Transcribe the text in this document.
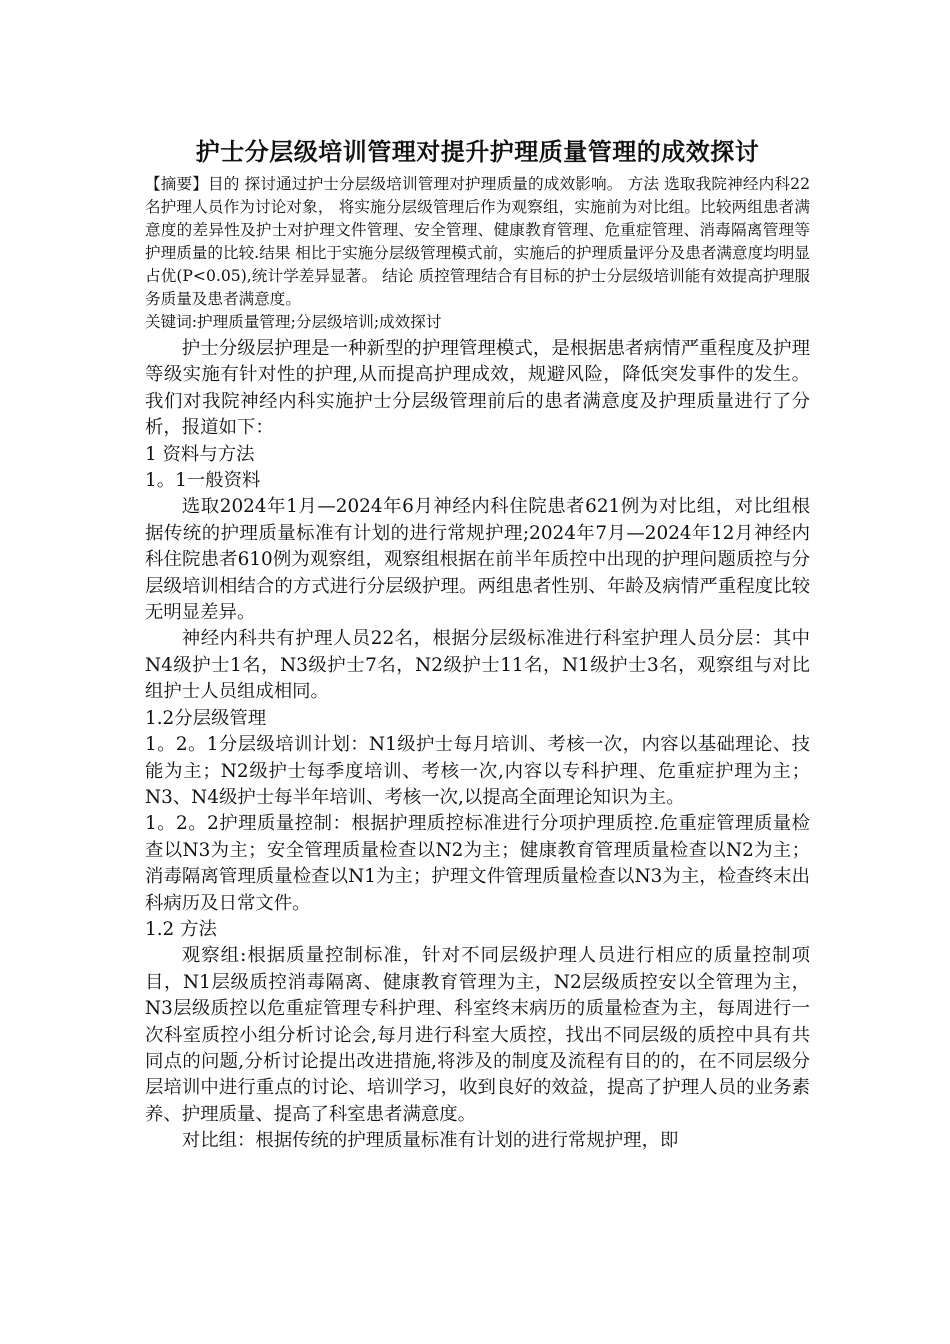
护士分层级培训管理对提升护理质量管理的成效探讨

【摘要】目的 探讨通过护士分层级培训管理对护理质量的成效影响。 方法 选取我院神经内科22名护理人员作为讨论对象， 将实施分层级管理后作为观察组，实施前为对比组。比较两组患者满意度的差异性及护士对护理文件管理、安全管理、健康教育管理、危重症管理、消毒隔离管理等护理质量的比较.结果 相比于实施分层级管理模式前，实施后的护理质量评分及患者满意度均明显占优(P<0.05),统计学差异显著。 结论 质控管理结合有目标的护士分层级培训能有效提高护理服务质量及患者满意度。

关键词:护理质量管理;分层级培训;成效探讨

护士分级层护理是一种新型的护理管理模式，是根据患者病情严重程度及护理等级实施有针对性的护理,从而提高护理成效，规避风险，降低突发事件的发生。我们对我院神经内科实施护士分层级管理前后的患者满意度及护理质量进行了分析，报道如下：

1 资料与方法

1。1一般资料

选取2024年1月—2024年6月神经内科住院患者621例为对比组，对比组根据传统的护理质量标准有计划的进行常规护理;2024年7月—2024年12月神经内科住院患者610例为观察组，观察组根据在前半年质控中出现的护理问题质控与分层级培训相结合的方式进行分层级护理。两组患者性别、年龄及病情严重程度比较无明显差异。

神经内科共有护理人员22名，根据分层级标准进行科室护理人员分层：其中N4级护士1名，N3级护士7名，N2级护士11名，N1级护士3名，观察组与对比组护士人员组成相同。

1.2分层级管理

1。2。1分层级培训计划：N1级护士每月培训、考核一次，内容以基础理论、技能为主；N2级护士每季度培训、考核一次,内容以专科护理、危重症护理为主；N3、N4级护士每半年培训、考核一次,以提高全面理论知识为主。

1。2。2护理质量控制：根据护理质控标准进行分项护理质控.危重症管理质量检查以N3为主；安全管理质量检查以N2为主；健康教育管理质量检查以N2为主；消毒隔离管理质量检查以N1为主；护理文件管理质量检查以N3为主，检查终末出科病历及日常文件。

1.2 方法

观察组:根据质量控制标准，针对不同层级护理人员进行相应的质量控制项目，N1层级质控消毒隔离、健康教育管理为主，N2层级质控安以全管理为主，N3层级质控以危重症管理专科护理、科室终末病历的质量检查为主，每周进行一次科室质控小组分析讨论会,每月进行科室大质控，找出不同层级的质控中具有共同点的问题,分析讨论提出改进措施,将涉及的制度及流程有目的的，在不同层级分层培训中进行重点的讨论、培训学习，收到良好的效益，提高了护理人员的业务素养、护理质量、提高了科室患者满意度。

对比组：根据传统的护理质量标准有计划的进行常规护理，即
